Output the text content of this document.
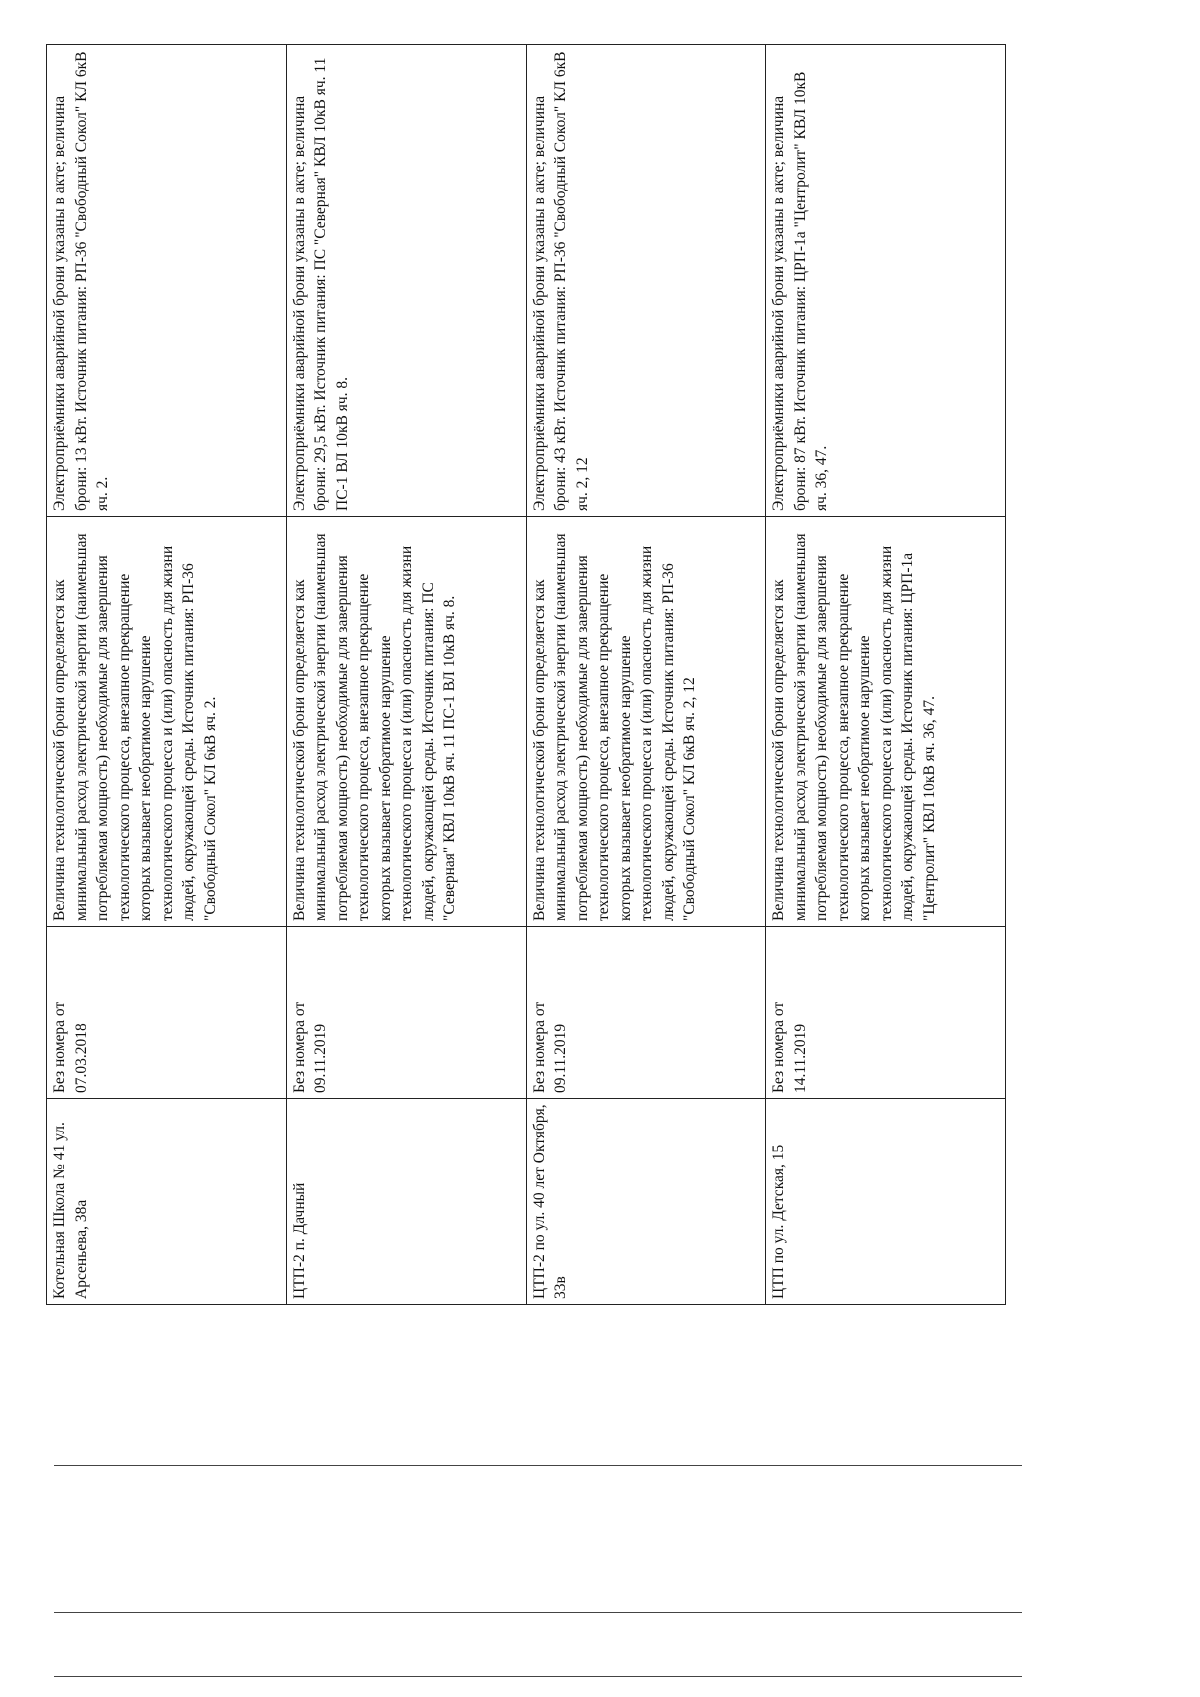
Котельная Школа № 41 ул. Арсеньева, 38а	Без номера от 07.03.2018	Величина технологической брони определяется как минимальный расход электрической энергии (наименьшая потребляемая мощность) необходимые для завершения технологического процесса, внезапное прекращение которых вызывает необратимое нарушение технологического процесса и (или) опасность для жизни людей, окружающей среды. Источник питания: РП-36 "Свободный Сокол" КЛ 6кВ яч. 2.	Электроприёмники аварийной брони указаны в акте; величина брони: 13 кВт. Источник питания: РП-36 "Свободный Сокол" КЛ 6кВ яч. 2.
ЦТП-2 п. Дачный	Без номера от 09.11.2019	Величина технологической брони определяется как минимальный расход электрической энергии (наименьшая потребляемая мощность) необходимые для завершения технологического процесса, внезапное прекращение которых вызывает необратимое нарушение технологического процесса и (или) опасность для жизни людей, окружающей среды. Источник питания: ПС "Северная" КВЛ 10кВ яч. 11 ПС-1 ВЛ 10кВ яч. 8.	Электроприёмники аварийной брони указаны в акте; величина брони: 29,5 кВт. Источник питания: ПС "Северная" КВЛ 10кВ яч. 11 ПС-1 ВЛ 10кВ яч. 8.
ЦТП-2 по ул. 40 лет Октября, 33в	Без номера от 09.11.2019	Величина технологической брони определяется как минимальный расход электрической энергии (наименьшая потребляемая мощность) необходимые для завершения технологического процесса, внезапное прекращение которых вызывает необратимое нарушение технологического процесса и (или) опасность для жизни людей, окружающей среды. Источник питания: РП-36 "Свободный Сокол" КЛ 6кВ яч. 2, 12	Электроприёмники аварийной брони указаны в акте; величина брони: 43 кВт. Источник питания: РП-36 "Свободный Сокол" КЛ 6кВ яч. 2, 12
ЦТП по ул. Детская, 15	Без номера от 14.11.2019	Величина технологической брони определяется как минимальный расход электрической энергии (наименьшая потребляемая мощность) необходимые для завершения технологического процесса, внезапное прекращение которых вызывает необратимое нарушение технологического процесса и (или) опасность для жизни людей, окружающей среды. Источник питания: ЦРП-1а "Центролит" КВЛ 10кВ яч. 36, 47.	Электроприёмники аварийной брони указаны в акте; величина брони: 87 кВт. Источник питания: ЦРП-1а "Центролит" КВЛ 10кВ яч. 36, 47.
